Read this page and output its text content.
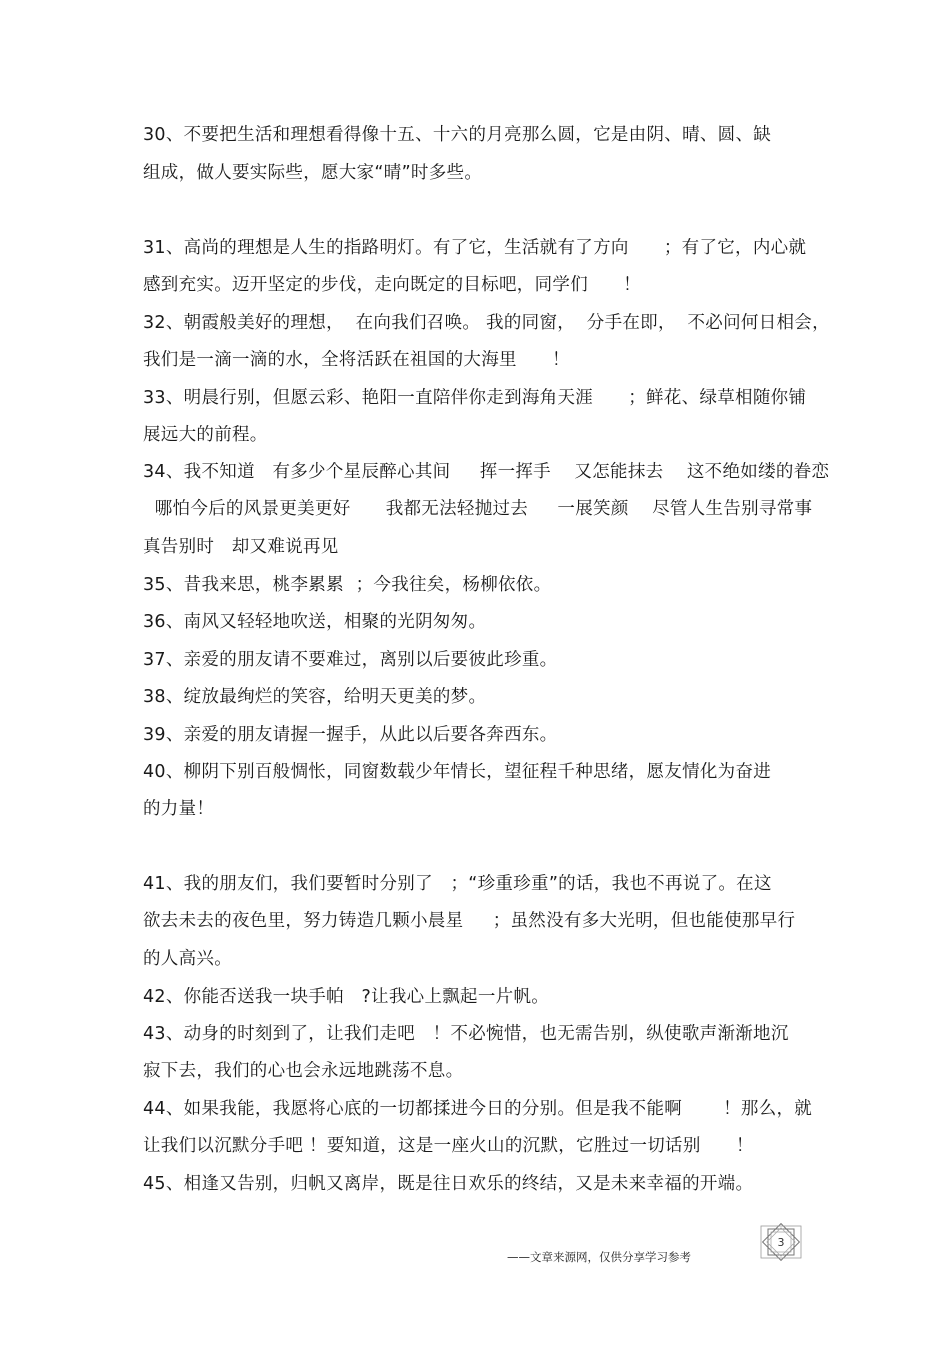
30、不要把生活和理想看得像十五、十六的月亮那么圆，它是由阴、晴、圆、缺
组成，做人要实际些，愿大家“晴”时多些。
31、高尚的理想是人生的指路明灯。有了它，生活就有了方向      ；有了它，内心就
感到充实。迈开坚定的步伐，走向既定的目标吧，同学们      ！
32、朝霞般美好的理想，  在向我们召唤。 我的同窗，  分手在即，  不必问何日相会，
我们是一滴一滴的水，全将活跃在祖国的大海里      ！
33、明晨行别，但愿云彩、艳阳一直陪伴你走到海角天涯      ；鲜花、绿草相随你铺
展远大的前程。
34、我不知道   有多少个星辰醉心其间     挥一挥手    又怎能抹去    这不绝如缕的眷恋
哪怕今后的风景更美更好      我都无法轻抛过去     一展笑颜    尽管人生告别寻常事
真告别时   却又难说再见
35、昔我来思，桃李累累  ；今我往矣，杨柳依依。
36、南风又轻轻地吹送，相聚的光阴匆匆。
37、亲爱的朋友请不要难过，离别以后要彼此珍重。
38、绽放最绚烂的笑容，给明天更美的梦。
39、亲爱的朋友请握一握手，从此以后要各奔西东。
40、柳阴下别百般惆怅，同窗数载少年情长，望征程千种思绪，愿友情化为奋进
的力量！
41、我的朋友们，我们要暂时分别了   ；“珍重珍重”的话，我也不再说了。在这
欲去未去的夜色里，努力铸造几颗小晨星     ；虽然没有多大光明，但也能使那早行
的人高兴。
42、你能否送我一块手帕   ?让我心上飘起一片帆。
43、动身的时刻到了，让我们走吧   ！不必惋惜，也无需告别，纵使歌声渐渐地沉
寂下去，我们的心也会永远地跳荡不息。
44、如果我能，我愿将心底的一切都揉进今日的分别。但是我不能啊       ！那么，就
让我们以沉默分手吧 ！要知道，这是一座火山的沉默，它胜过一切话别      ！
45、相逢又告别，归帆又离岸，既是往日欢乐的终结，又是未来幸福的开端。
——文章来源网，仅供分享学习参考
3
